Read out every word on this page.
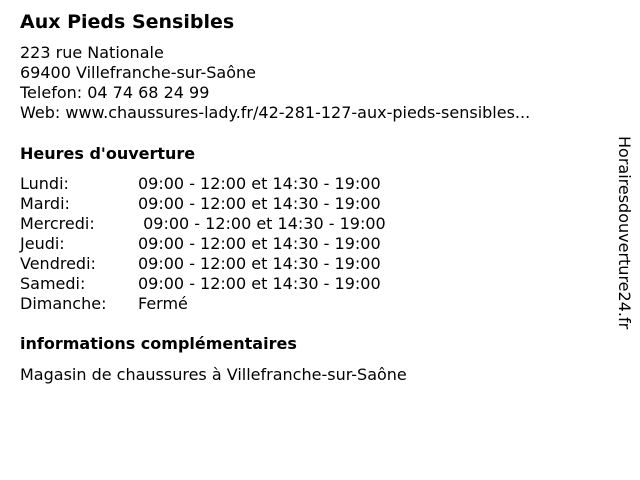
Aux Pieds Sensibles
223 rue Nationale
69400 Villefranche-sur-Saône
Telefon: 04 74 68 24 99
Web: www.chaussures-lady.fr/42-281-127-aux-pieds-sensibles...
Heures d'ouverture
Lundi:	09:00 - 12:00 et 14:30 - 19:00
Mardi:	09:00 - 12:00 et 14:30 - 19:00
Mercredi:	09:00 - 12:00 et 14:30 - 19:00
Jeudi:	09:00 - 12:00 et 14:30 - 19:00
Vendredi:	09:00 - 12:00 et 14:30 - 19:00
Samedi:	09:00 - 12:00 et 14:30 - 19:00
Dimanche:	Fermé
informations complémentaires
Magasin de chaussures à Villefranche-sur-Saône
Horairesdouverture24.fr
